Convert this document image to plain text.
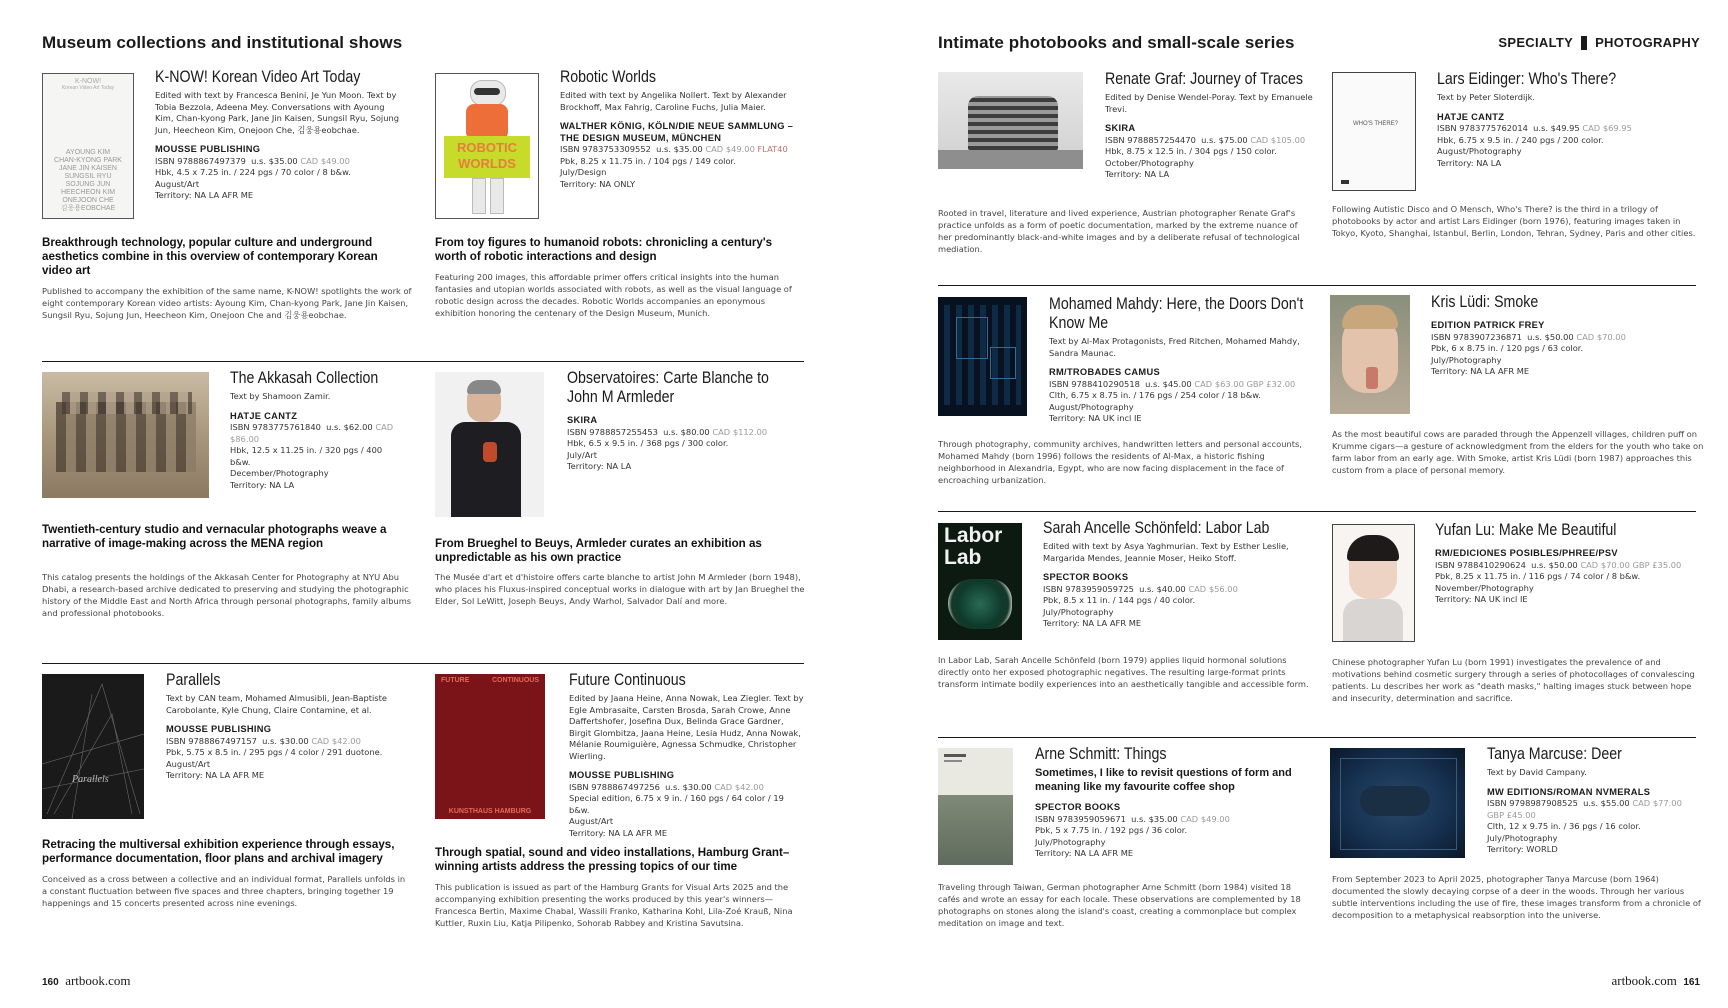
Museum collections and institutional shows
K-NOW!
Korean Video Art Today
AYOUNG KIM
CHAN-KYONG PARK
JANE JIN KAISEN
SUNGSIL RYU
SOJUNG JUN
HEECHEON KIM
ONEJOON CHE
김웅용EOBCHAE
K-NOW! Korean Video Art Today
Edited with text by Francesca Benini, Je Yun Moon. Text by Tobia Bezzola, Adeena Mey. Conversations with Ayoung Kim, Chan-kyong Park, Jane Jin Kaisen, Sungsil Ryu, Sojung Jun, Heecheon Kim, Onejoon Che, 김웅용eobchae.
MOUSSE PUBLISHING
ISBN 9788867497379 u.s. $35.00 CAD $49.00
Hbk, 4.5 x 7.25 in. / 224 pgs / 70 color / 8 b&w.
August/Art
Territory: NA LA AFR ME
Breakthrough technology, popular culture and underground aesthetics combine in this overview of contemporary Korean video art
Published to accompany the exhibition of the same name, K-NOW! spotlights the work of eight contemporary Korean video artists: Ayoung Kim, Chan-kyong Park, Jane Jin Kaisen, Sungsil Ryu, Sojung Jun, Heecheon Kim, Onejoon Che and 김웅용eobchae.
ROBOTIC
WORLDS
Robotic Worlds
Edited with text by Angelika Nollert. Text by Alexander Brockhoff, Max Fahrig, Caroline Fuchs, Julia Maier.
WALTHER KÖNIG, KÖLN/DIE NEUE SAMMLUNG – THE DESIGN MUSEUM, MÜNCHEN
ISBN 9783753309552 u.s. $35.00 CAD $49.00 FLAT40
Pbk, 8.25 x 11.75 in. / 104 pgs / 149 color.
July/Design
Territory: NA ONLY
From toy figures to humanoid robots: chronicling a century's worth of robotic interactions and design
Featuring 200 images, this affordable primer offers critical insights into the human fantasies and utopian worlds associated with robots, as well as the visual language of robotic design across the decades. Robotic Worlds accompanies an eponymous exhibition honoring the centenary of the Design Museum, Munich.
The Akkasah Collection
Text by Shamoon Zamir.
HATJE CANTZ
ISBN 9783775761840 u.s. $62.00 CAD $86.00
Hbk, 12.5 x 11.25 in. / 320 pgs / 400 b&w.
December/Photography
Territory: NA LA
Twentieth-century studio and vernacular photographs weave a narrative of image-making across the MENA region
This catalog presents the holdings of the Akkasah Center for Photography at NYU Abu Dhabi, a research-based archive dedicated to preserving and studying the photographic history of the Middle East and North Africa through personal photographs, family albums and professional photobooks.
Observatoires: Carte Blanche to John M Armleder
SKIRA
ISBN 9788857255453 u.s. $80.00 CAD $112.00
Hbk, 6.5 x 9.5 in. / 368 pgs / 300 color.
July/Art
Territory: NA LA
From Brueghel to Beuys, Armleder curates an exhibition as unpredictable as his own practice
The Musée d'art et d'histoire offers carte blanche to artist John M Armleder (born 1948), who places his Fluxus-inspired conceptual works in dialogue with art by Jan Brueghel the Elder, Sol LeWitt, Joseph Beuys, Andy Warhol, Salvador Dalí and more.
Parallels
Parallels
Text by CAN team, Mohamed Almusibli, Jean-Baptiste Carobolante, Kyle Chung, Claire Contamine, et al.
MOUSSE PUBLISHING
ISBN 9788867497157 u.s. $30.00 CAD $42.00
Pbk, 5.75 x 8.5 in. / 295 pgs / 4 color / 291 duotone.
August/Art
Territory: NA LA AFR ME
Retracing the multiversal exhibition experience through essays, performance documentation, floor plans and archival imagery
Conceived as a cross between a collective and an individual format, Parallels unfolds in a constant fluctuation between five spaces and three chapters, bringing together 19 happenings and 15 concerts presented across nine evenings.
FUTURE	CONTINUOUS
KUNSTHAUS HAMBURG
Future Continuous
Edited by Jaana Heine, Anna Nowak, Lea Ziegler. Text by Egle Ambrasaite, Carsten Brosda, Sarah Crowe, Anne Daffertshofer, Josefina Dux, Belinda Grace Gardner, Birgit Glombitza, Jaana Heine, Lesia Hudz, Anna Nowak, Mélanie Roumiguière, Agnessa Schmudke, Christopher Wierling.
MOUSSE PUBLISHING
ISBN 9788867497256 u.s. $30.00 CAD $42.00
Special edition, 6.75 x 9 in. / 160 pgs / 64 color / 19 b&w.
August/Art
Territory: NA LA AFR ME
Through spatial, sound and video installations, Hamburg Grant–winning artists address the pressing topics of our time
This publication is issued as part of the Hamburg Grants for Visual Arts 2025 and the accompanying exhibition presenting the works produced by this year's winners—Francesca Bertin, Maxime Chabal, Wassili Franko, Katharina Kohl, Lila-Zoé Krauß, Nina Kuttler, Ruxin Liu, Katja Pilipenko, Sohorab Rabbey and Kristina Savutsina.
160 artbook.com
Intimate photobooks and small-scale series	SPECIALTY PHOTOGRAPHY
Renate Graf: Journey of Traces
Edited by Denise Wendel-Poray. Text by Emanuele Trevi.
SKIRA
ISBN 9788857254470 u.s. $75.00 CAD $105.00
Hbk, 8.75 x 12.5 in. / 304 pgs / 150 color.
October/Photography
Territory: NA LA
Rooted in travel, literature and lived experience, Austrian photographer Renate Graf's practice unfolds as a form of poetic documentation, marked by the extreme nuance of her predominantly black-and-white images and by a deliberate refusal of technological mediation.
WHO'S THERE?
Lars Eidinger: Who's There?
Text by Peter Sloterdijk.
HATJE CANTZ
ISBN 9783775762014 u.s. $49.95 CAD $69.95
Hbk, 6.75 x 9.5 in. / 240 pgs / 200 color.
August/Photography
Territory: NA LA
Following Autistic Disco and O Mensch, Who's There? is the third in a trilogy of photobooks by actor and artist Lars Eidinger (born 1976), featuring images taken in Tokyo, Kyoto, Shanghai, Istanbul, Berlin, London, Tehran, Sydney, Paris and other cities.
Mohamed Mahdy: Here, the Doors Don't Know Me
Text by Al-Max Protagonists, Fred Ritchen, Mohamed Mahdy, Sandra Maunac.
RM/TROBADES CAMUS
ISBN 9788410290518 u.s. $45.00 CAD $63.00 GBP £32.00
Clth, 6.75 x 8.75 in. / 176 pgs / 254 color / 18 b&w.
August/Photography
Territory: NA UK incl IE
Through photography, community archives, handwritten letters and personal accounts, Mohamed Mahdy (born 1996) follows the residents of Al-Max, a historic fishing neighborhood in Alexandria, Egypt, who are now facing displacement in the face of encroaching urbanization.
Kris Lüdi: Smoke
EDITION PATRICK FREY
ISBN 9783907236871 u.s. $50.00 CAD $70.00
Pbk, 6 x 8.75 in. / 120 pgs / 63 color.
July/Photography
Territory: NA LA AFR ME
As the most beautiful cows are paraded through the Appenzell villages, children puff on Krumme cigars—a gesture of acknowledgment from the elders for the youth who take on farm labor from an early age. With Smoke, artist Kris Lüdi (born 1987) approaches this custom from a place of personal memory.
Labor
Lab
Sarah Ancelle Schönfeld: Labor Lab
Edited with text by Asya Yaghmurian. Text by Esther Leslie, Margarida Mendes, Jeannie Moser, Heiko Stoff.
SPECTOR BOOKS
ISBN 9783959059725 u.s. $40.00 CAD $56.00
Pbk, 8.5 x 11 in. / 144 pgs / 40 color.
July/Photography
Territory: NA LA AFR ME
In Labor Lab, Sarah Ancelle Schönfeld (born 1979) applies liquid hormonal solutions directly onto her exposed photographic negatives. The resulting large-format prints transform intimate bodily experiences into an aesthetically tangible and accessible form.
Yufan Lu: Make Me Beautiful
RM/EDICIONES POSIBLES/PHREE/PSV
ISBN 9788410290624 u.s. $50.00 CAD $70.00 GBP £35.00
Pbk, 8.25 x 11.75 in. / 116 pgs / 74 color / 8 b&w.
November/Photography
Territory: NA UK incl IE
Chinese photographer Yufan Lu (born 1991) investigates the prevalence of and motivations behind cosmetic surgery through a series of photocollages of convalescing patients. Lu describes her work as "death masks," halting images stuck between hope and insecurity, determination and sacrifice.
Arne Schmitt: Things
Sometimes, I like to revisit questions of form and meaning like my favourite coffee shop
SPECTOR BOOKS
ISBN 9783959059671 u.s. $35.00 CAD $49.00
Pbk, 5 x 7.75 in. / 192 pgs / 36 color.
July/Photography
Territory: NA LA AFR ME
Traveling through Taiwan, German photographer Arne Schmitt (born 1984) visited 18 cafés and wrote an essay for each locale. These observations are complemented by 18 photographs on stones along the island's coast, creating a commonplace but complex meditation on image and text.
Tanya Marcuse: Deer
Text by David Campany.
MW EDITIONS/ROMAN NVMERALS
ISBN 9798987908525 u.s. $55.00 CAD $77.00
GBP £45.00
Clth, 12 x 9.75 in. / 36 pgs / 16 color.
July/Photography
Territory: WORLD
From September 2023 to April 2025, photographer Tanya Marcuse (born 1964) documented the slowly decaying corpse of a deer in the woods. Through her various subtle interventions including the use of fire, these images transform from a chronicle of decomposition to a metaphysical reabsorption into the universe.
artbook.com 161
